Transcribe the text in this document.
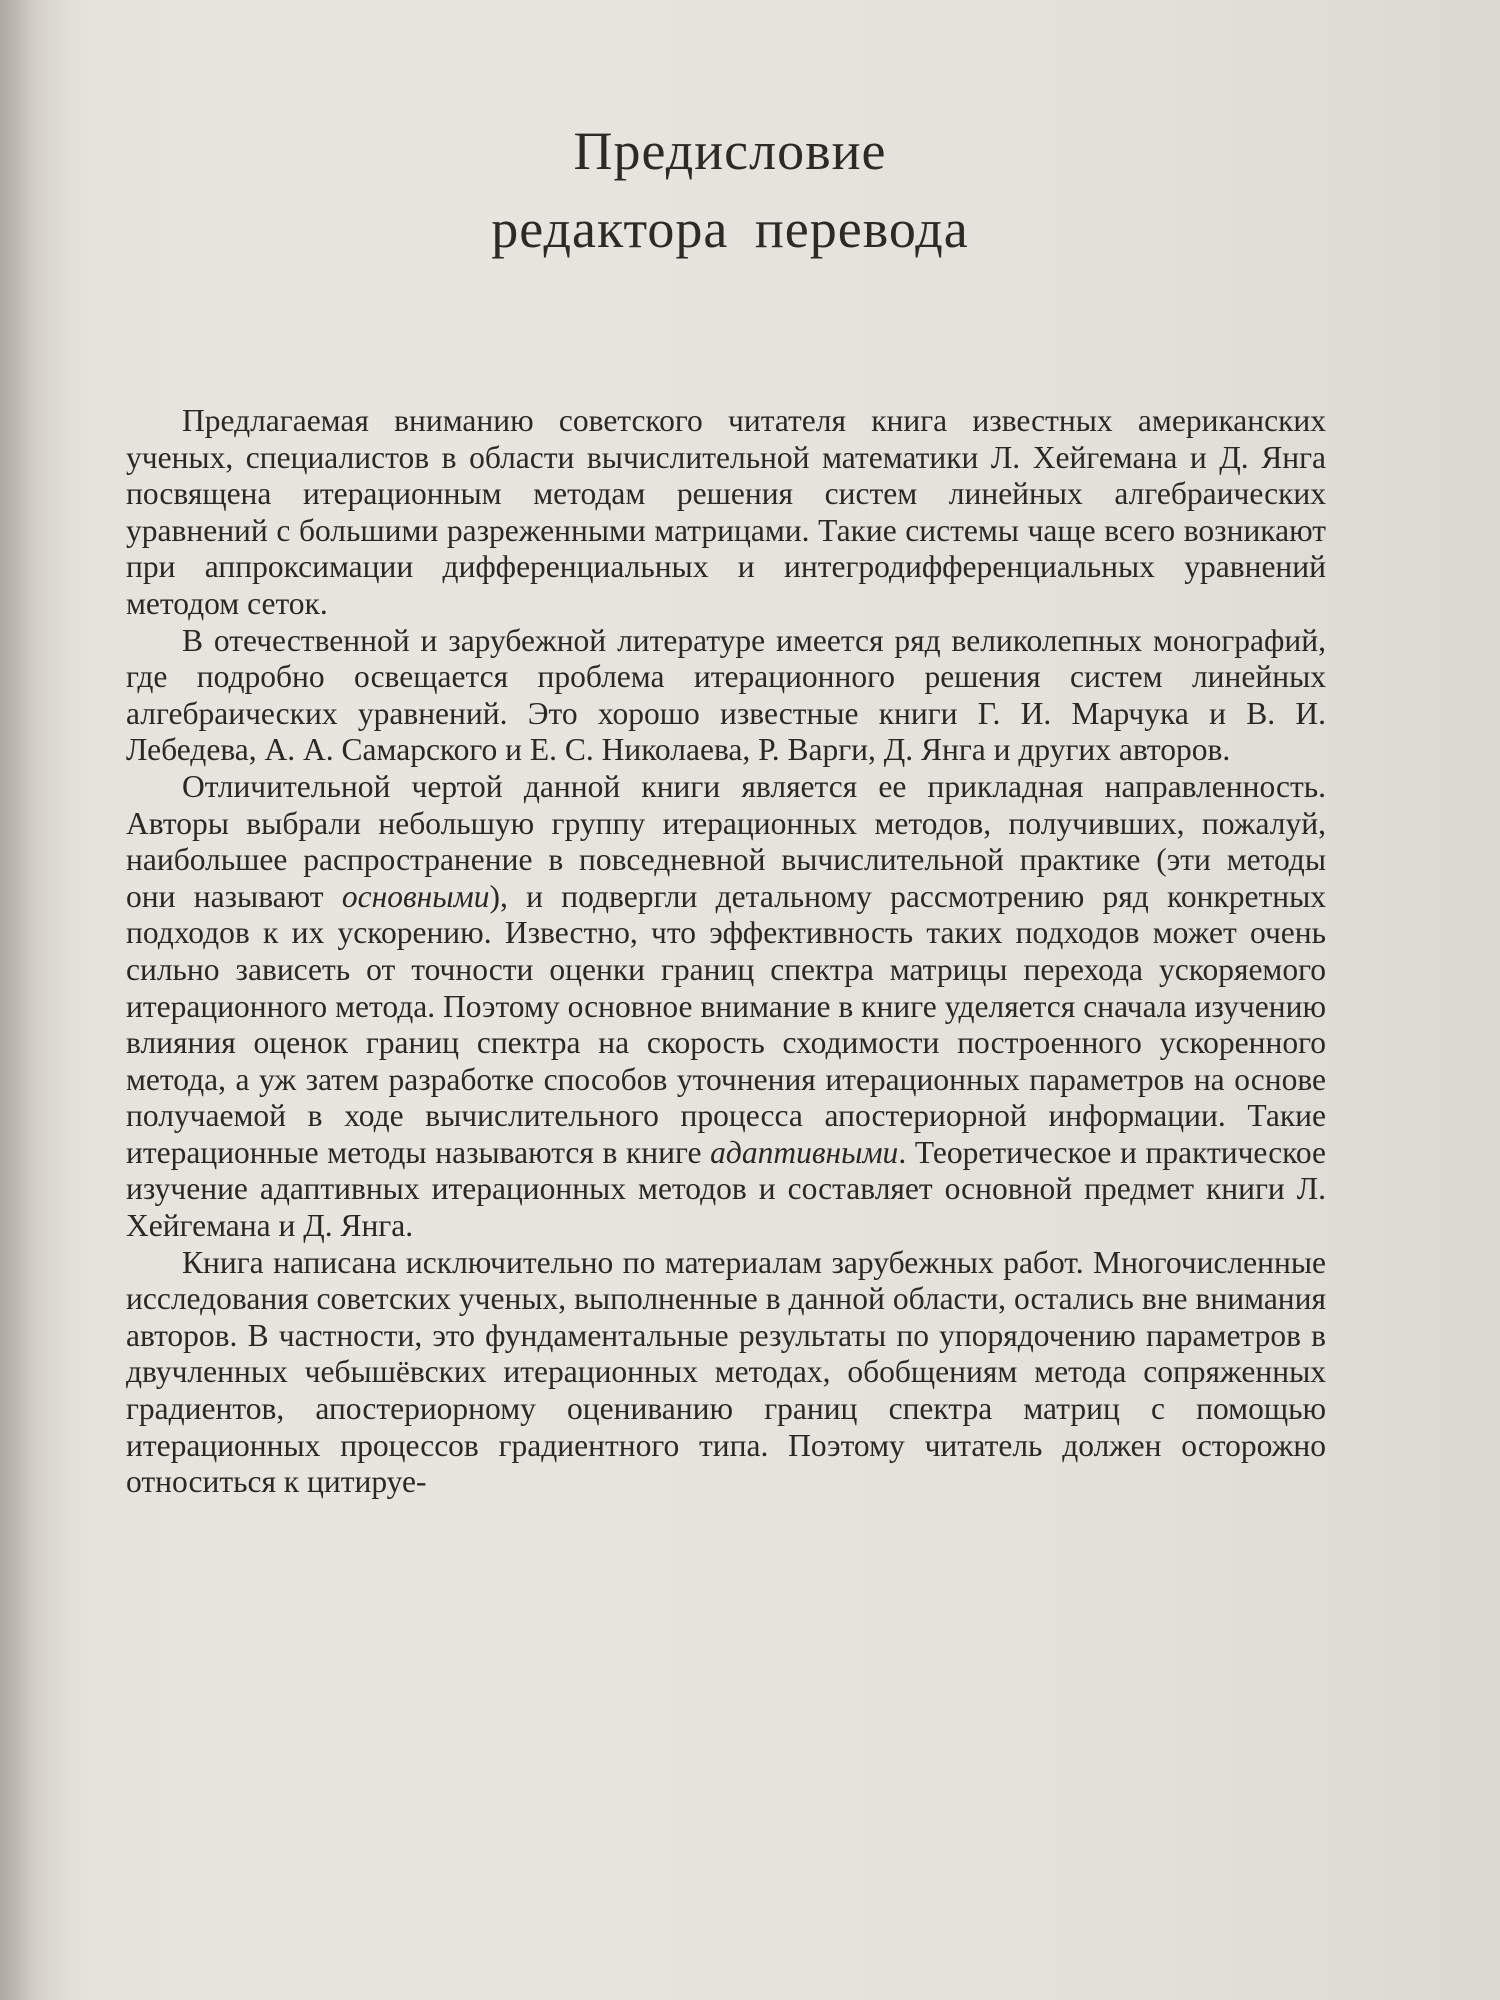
Предисловие
редактора перевода

Предлагаемая вниманию советского читателя книга известных американских ученых, специалистов в области вычислительной математики Л. Хейгемана и Д. Янга посвящена итерационным методам решения систем линейных алгебраических уравнений с большими разреженными матрицами. Такие системы чаще всего возникают при аппроксимации дифференциальных и интегродифференциальных уравнений методом сеток.

В отечественной и зарубежной литературе имеется ряд великолепных монографий, где подробно освещается проблема итерационного решения систем линейных алгебраических уравнений. Это хорошо известные книги Г. И. Марчука и В. И. Лебедева, А. А. Самарского и Е. С. Николаева, Р. Варги, Д. Янга и других авторов.

Отличительной чертой данной книги является ее прикладная направленность. Авторы выбрали небольшую группу итерационных методов, получивших, пожалуй, наибольшее распространение в повседневной вычислительной практике (эти методы они называют основными), и подвергли детальному рассмотрению ряд конкретных подходов к их ускорению. Известно, что эффективность таких подходов может очень сильно зависеть от точности оценки границ спектра матрицы перехода ускоряемого итерационного метода. Поэтому основное внимание в книге уделяется сначала изучению влияния оценок границ спектра на скорость сходимости построенного ускоренного метода, а уж затем разработке способов уточнения итерационных параметров на основе получаемой в ходе вычислительного процесса апостериорной информации. Такие итерационные методы называются в книге адаптивными. Теоретическое и практическое изучение адаптивных итерационных методов и составляет основной предмет книги Л. Хейгемана и Д. Янга.

Книга написана исключительно по материалам зарубежных работ. Многочисленные исследования советских ученых, выполненные в данной области, остались вне внимания авторов. В частности, это фундаментальные результаты по упорядочению параметров в двучленных чебышёвских итерационных методах, обобщениям метода сопряженных градиентов, апостериорному оцениванию границ спектра матриц с помощью итерационных процессов градиентного типа. Поэтому читатель должен осторожно относиться к цитируе-
